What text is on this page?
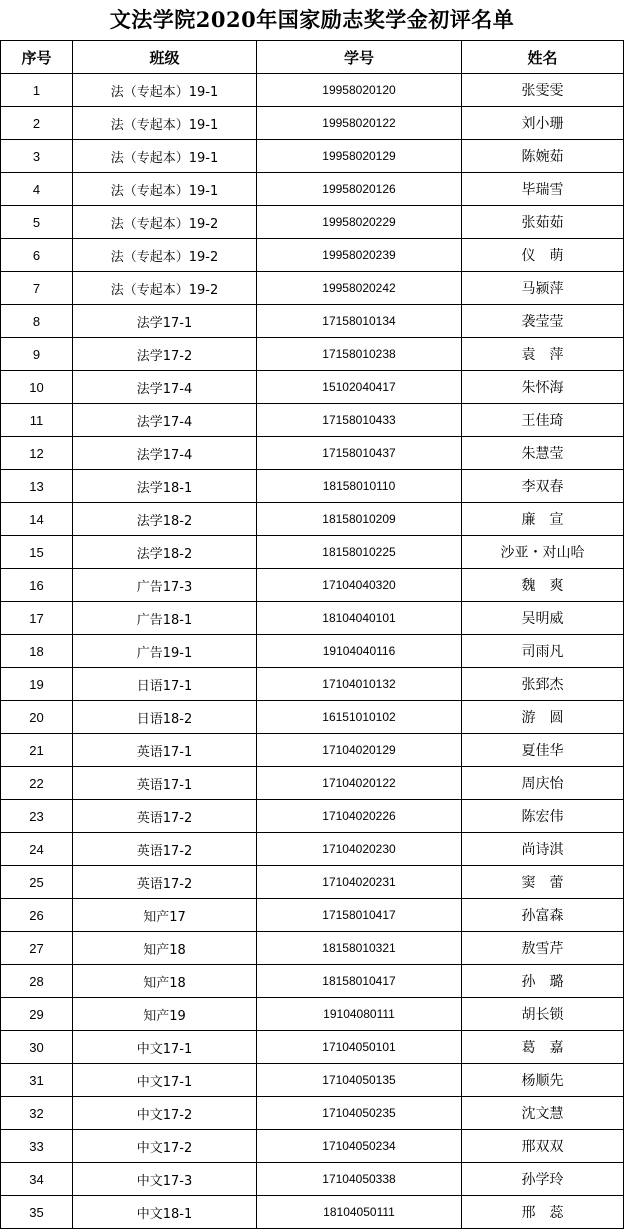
文法学院2020年国家励志奖学金初评名单
序号	班级	学号	姓名
1	法（专起本）19-1	19958020120	张雯雯
2	法（专起本）19-1	19958020122	刘小珊
3	法（专起本）19-1	19958020129	陈婉茹
4	法（专起本）19-1	19958020126	毕瑞雪
5	法（专起本）19-2	19958020229	张茹茹
6	法（专起本）19-2	19958020239	仪　萌
7	法（专起本）19-2	19958020242	马颍萍
8	法学17-1	17158010134	袭莹莹
9	法学17-2	17158010238	袁　萍
10	法学17-4	15102040417	朱怀海
11	法学17-4	17158010433	王佳琦
12	法学17-4	17158010437	朱慧莹
13	法学18-1	18158010110	李双春
14	法学18-2	18158010209	廉　宣
15	法学18-2	18158010225	沙亚・对山哈
16	广告17-3	17104040320	魏　爽
17	广告18-1	18104040101	吴明威
18	广告19-1	19104040116	司雨凡
19	日语17-1	17104010132	张郅杰
20	日语18-2	16151010102	游　圆
21	英语17-1	17104020129	夏佳华
22	英语17-1	17104020122	周庆怡
23	英语17-2	17104020226	陈宏伟
24	英语17-2	17104020230	尚诗淇
25	英语17-2	17104020231	窦　蕾
26	知产17	17158010417	孙富森
27	知产18	18158010321	敖雪芹
28	知产18	18158010417	孙　璐
29	知产19	19104080111	胡长锁
30	中文17-1	17104050101	葛　嘉
31	中文17-1	17104050135	杨顺先
32	中文17-2	17104050235	沈文慧
33	中文17-2	17104050234	邢双双
34	中文17-3	17104050338	孙学玲
35	中文18-1	18104050111	邢　蕊
